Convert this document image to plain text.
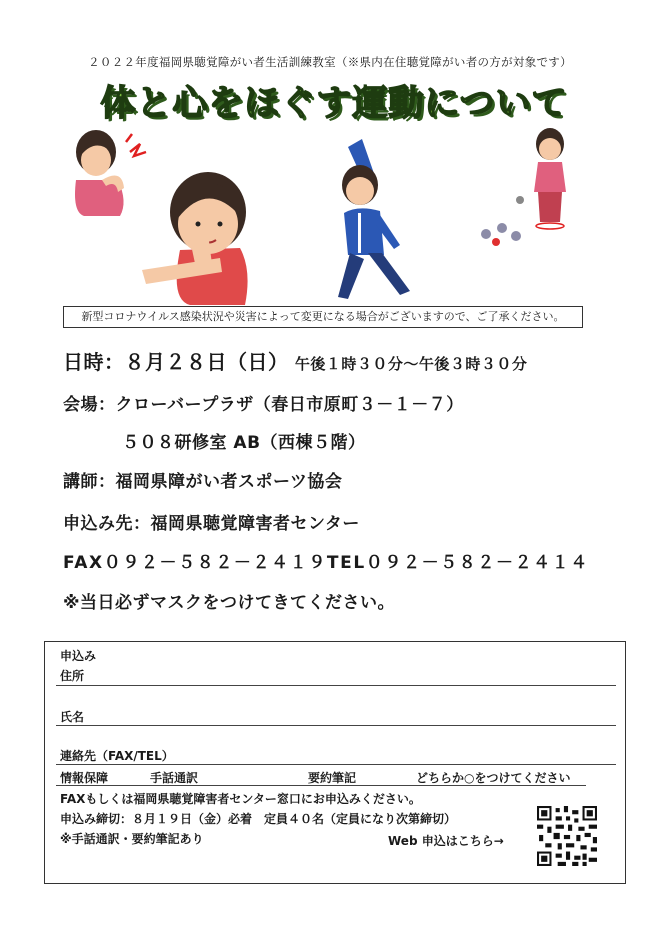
２０２２年度福岡県聴覚障がい者生活訓練教室（※県内在住聴覚障がい者の方が対象です）
体と心をほぐす運動について
新型コロナウイルス感染状況や災害によって変更になる場合がございますので、ご了承ください。
日時：８月２８日（日） 午後１時３０分～午後３時３０分
会場：クローバープラザ（春日市原町３－１－７）
５０８研修室 AB（西棟５階）
講師：福岡県障がい者スポーツ協会
申込み先：福岡県聴覚障害者センター
FAX０９２－５８２－２４１９TEL０９２－５８２－２４１４
※当日必ずマスクをつけてきてください。
申込み
住所
氏名
連絡先（FAX/TEL）
情報保障	手話通訳	要約筆記	どちらか○をつけてください
FAXもしくは福岡県聴覚障害者センター窓口にお申込みください。
申込み締切：８月１９日（金）必着　定員４０名（定員になり次第締切）
※手話通訳・要約筆記あり	Web 申込はこちら→
